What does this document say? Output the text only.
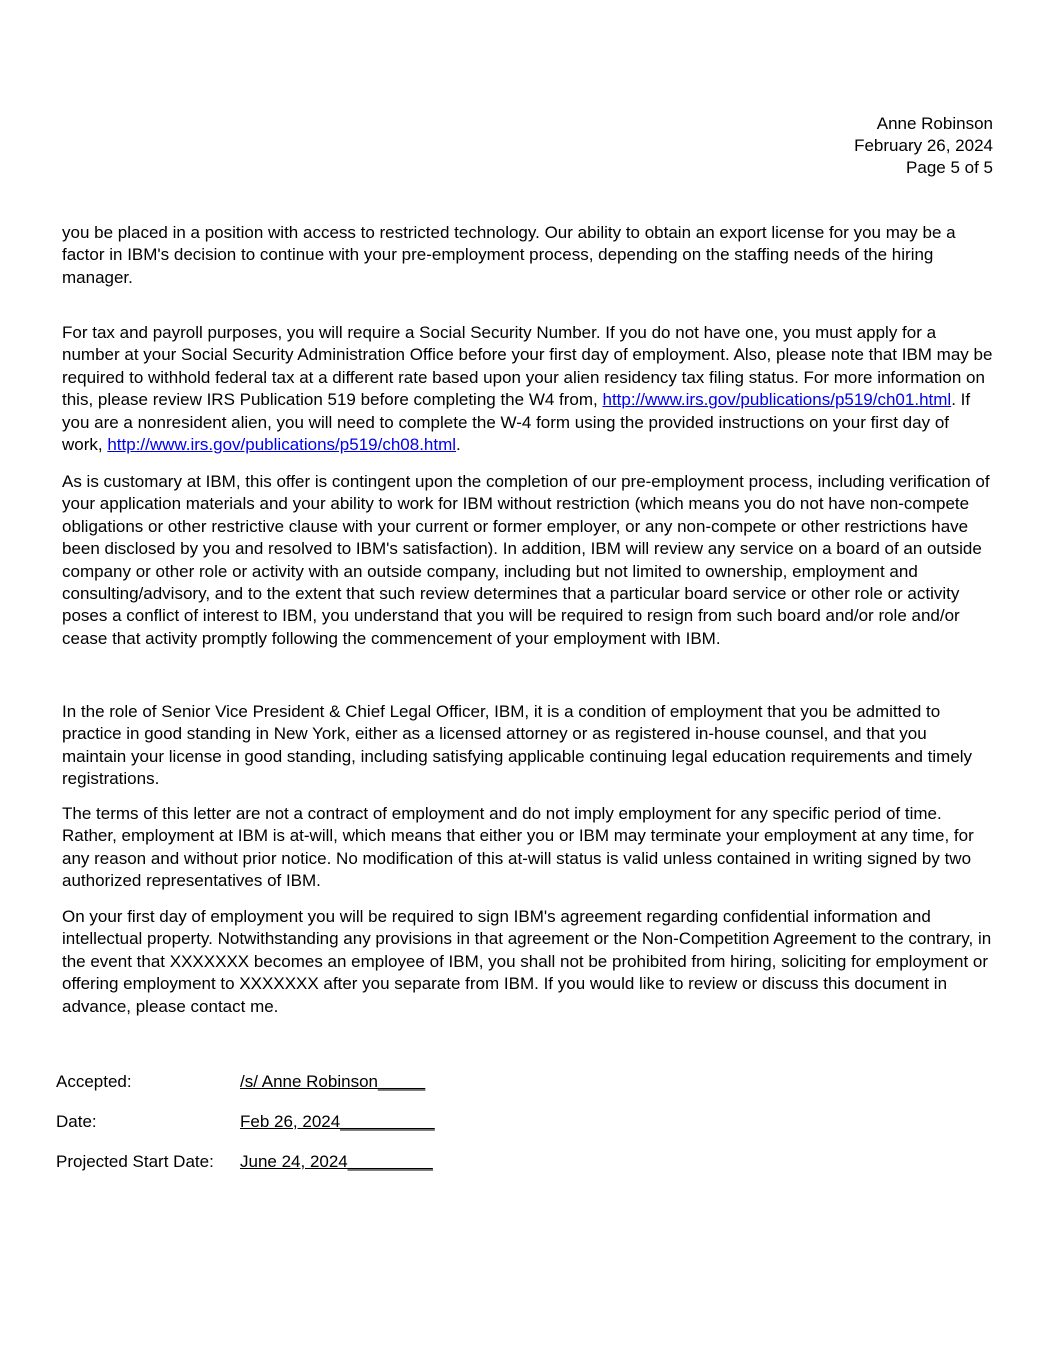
Anne Robinson
February 26, 2024
Page 5 of 5
you be placed in a position with access to restricted technology. Our ability to obtain an export license for you may be a factor in IBM's decision to continue with your pre-employment process, depending on the staffing needs of the hiring manager.
For tax and payroll purposes, you will require a Social Security Number. If you do not have one, you must apply for a number at your Social Security Administration Office before your first day of employment. Also, please note that IBM may be required to withhold federal tax at a different rate based upon your alien residency tax filing status. For more information on this, please review IRS Publication 519 before completing the W4 from, http://www.irs.gov/publications/p519/ch01.html. If you are a nonresident alien, you will need to complete the W-4 form using the provided instructions on your first day of work, http://www.irs.gov/publications/p519/ch08.html.
As is customary at IBM, this offer is contingent upon the completion of our pre-employment process, including verification of your application materials and your ability to work for IBM without restriction (which means you do not have non-compete obligations or other restrictive clause with your current or former employer, or any non-compete or other restrictions have been disclosed by you and resolved to IBM's satisfaction). In addition, IBM will review any service on a board of an outside company or other role or activity with an outside company, including but not limited to ownership, employment and consulting/advisory, and to the extent that such review determines that a particular board service or other role or activity poses a conflict of interest to IBM, you understand that you will be required to resign from such board and/or role and/or cease that activity promptly following the commencement of your employment with IBM.
In the role of Senior Vice President & Chief Legal Officer, IBM, it is a condition of employment that you be admitted to practice in good standing in New York, either as a licensed attorney or as registered in-house counsel, and that you maintain your license in good standing, including satisfying applicable continuing legal education requirements and timely registrations.
The terms of this letter are not a contract of employment and do not imply employment for any specific period of time. Rather, employment at IBM is at-will, which means that either you or IBM may terminate your employment at any time, for any reason and without prior notice. No modification of this at-will status is valid unless contained in writing signed by two authorized representatives of IBM.
On your first day of employment you will be required to sign IBM's agreement regarding confidential information and intellectual property. Notwithstanding any provisions in that agreement or the Non-Competition Agreement to the contrary, in the event that XXXXXXX becomes an employee of IBM, you shall not be prohibited from hiring, soliciting for employment or offering employment to XXXXXXX after you separate from IBM. If you would like to review or discuss this document in advance, please contact me.
Accepted:	/s/ Anne Robinson_____
Date:	Feb 26, 2024__________
Projected Start Date: June 24, 2024_________
